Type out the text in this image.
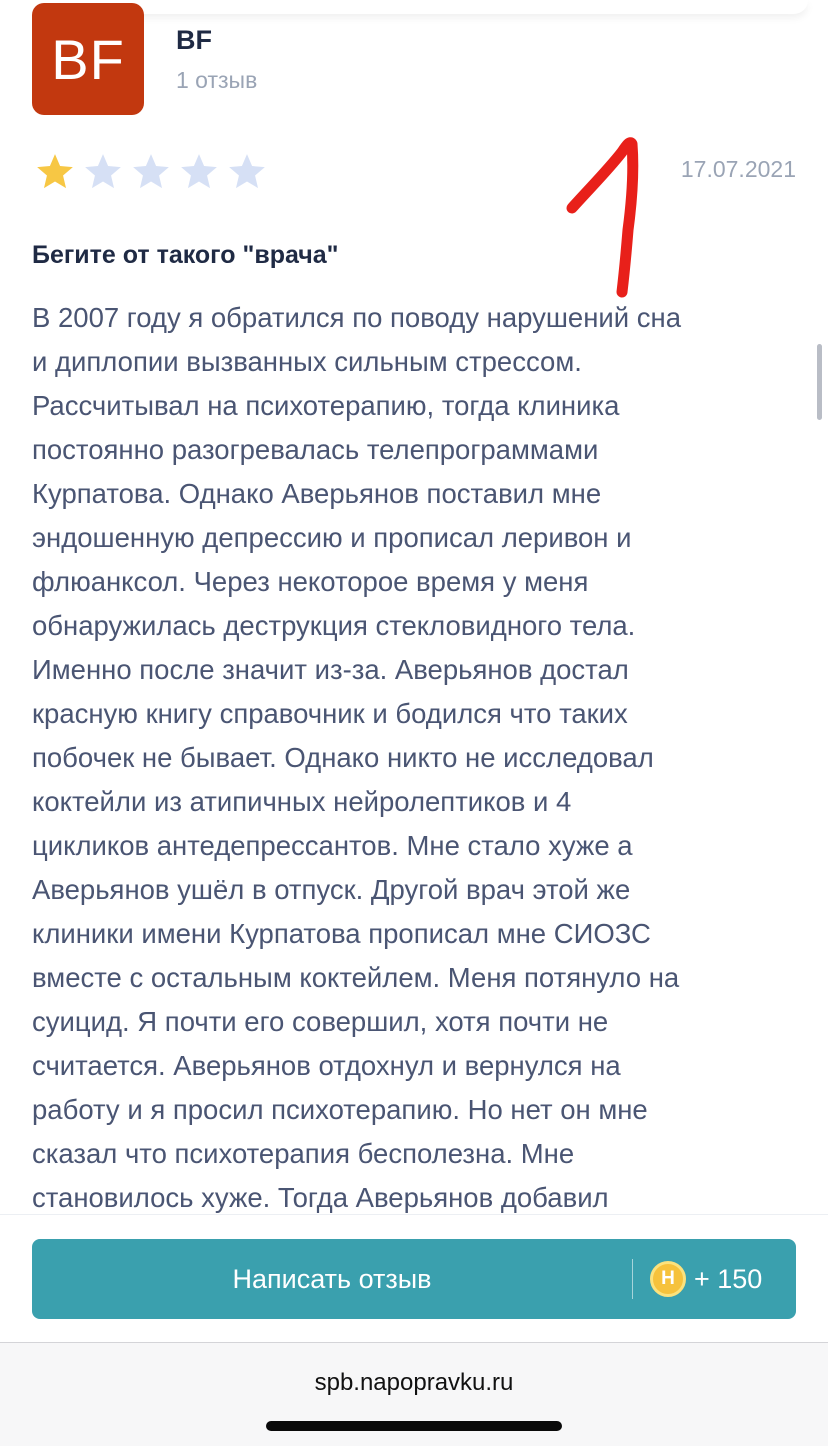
BF BF
1 отзыв
17.07.2021
Бегите от такого "врача"
В 2007 году я обратился по поводу нарушений сна
и диплопии вызванных сильным стрессом.
Рассчитывал на психотерапию, тогда клиника
постоянно разогревалась телепрограммами
Курпатова. Однако Аверьянов поставил мне
эндошенную депрессию и прописал леривон и
флюанксол. Через некоторое время у меня
обнаружилась деструкция стекловидного тела.
Именно после значит из-за. Аверьянов достал
красную книгу справочник и бодился что таких
побочек не бывает. Однако никто не исследовал
коктейли из атипичных нейролептиков и 4
цикликов антедепрессантов. Мне стало хуже а
Аверьянов ушёл в отпуск. Другой врач этой же
клиники имени Курпатова прописал мне СИОЗС
вместе с остальным коктейлем. Меня потянуло на
суицид. Я почти его совершил, хотя почти не
считается. Аверьянов отдохнул и вернулся на
работу и я просил психотерапию. Но нет он мне
сказал что психотерапия бесполезна. Мне
становилось хуже. Тогда Аверьянов добавил
Написать отзыв	Н + 150
spb.napopravku.ru
